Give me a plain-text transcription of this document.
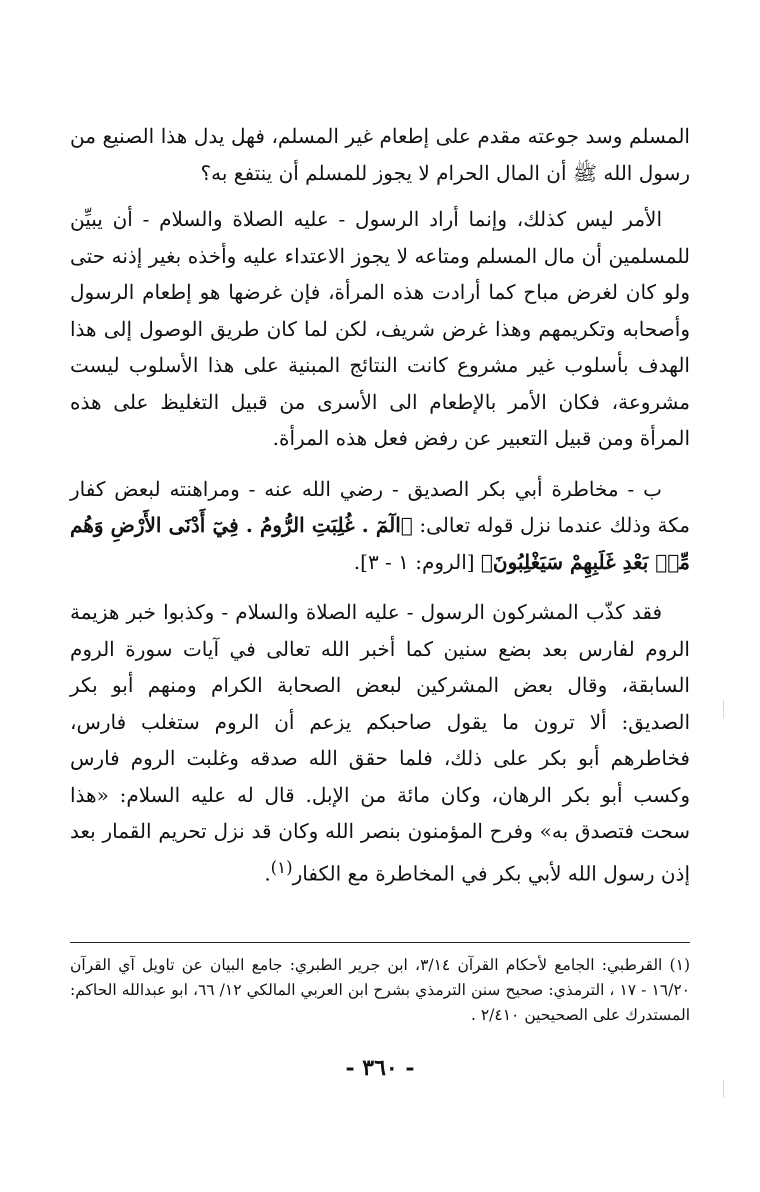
المسلم وسد جوعته مقدم على إطعام غير المسلم، فهل يدل هذا الصنيع من رسول الله ﷺ أن المال الحرام لا يجوز للمسلم أن ينتفع به؟

الأمر ليس كذلك، وإنما أراد الرسول - عليه الصلاة والسلام - أن يبيِّن للمسلمين أن مال المسلم ومتاعه لا يجوز الاعتداء عليه وأخذه بغير إذنه حتى ولو كان لغرض مباح كما أرادت هذه المرأة، فإن غرضها هو إطعام الرسول وأصحابه وتكريمهم وهذا غرض شريف، لكن لما كان طريق الوصول إلى هذا الهدف بأسلوب غير مشروع كانت النتائج المبنية على هذا الأسلوب ليست مشروعة، فكان الأمر بالإطعام الى الأسرى من قبيل التغليظ على هذه المرأة ومن قبيل التعبير عن رفض فعل هذه المرأة.

ب - مخاطرة أبي بكر الصديق - رضي الله عنه - ومراهنته لبعض كفار مكة وذلك عندما نزل قوله تعالى: ﴿الٓمٓ . غُلِبَتِ الرُّومُ . فِيٓ أَدْنَى الأَرْضِ وَهُم مِّنۢ بَعْدِ غَلَبِهِمْ سَيَغْلِبُونَ﴾ [الروم: ١ - ٣].

فقد كذّب المشركون الرسول - عليه الصلاة والسلام - وكذبوا خبر هزيمة الروم لفارس بعد بضع سنين كما أخبر الله تعالى في آيات سورة الروم السابقة، وقال بعض المشركين لبعض الصحابة الكرام ومنهم أبو بكر الصديق: ألا ترون ما يقول صاحبكم يزعم أن الروم ستغلب فارس، فخاطرهم أبو بكر على ذلك، فلما حقق الله صدقه وغلبت الروم فارس وكسب أبو بكر الرهان، وكان مائة من الإبل. قال له عليه السلام: «هذا سحت فتصدق به» وفرح المؤمنون بنصر الله وكان قد نزل تحريم القمار بعد إذن رسول الله لأبي بكر في المخاطرة مع الكفار$^{(١)}$.

(١) القرطبي: الجامع لأحكام القرآن ٣/١٤، ابن جرير الطبري: جامع البيان عن تاويل آي القرآن ١٦/٢٠ - ١٧ ، الترمذي: صحيح سنن الترمذي بشرح ابن العربي المالكي ١٢/ ٦٦، ابو عبدالله الحاكم: المستدرك على الصحيحين ٢/٤١٠ .
- ٣٦٠ -
